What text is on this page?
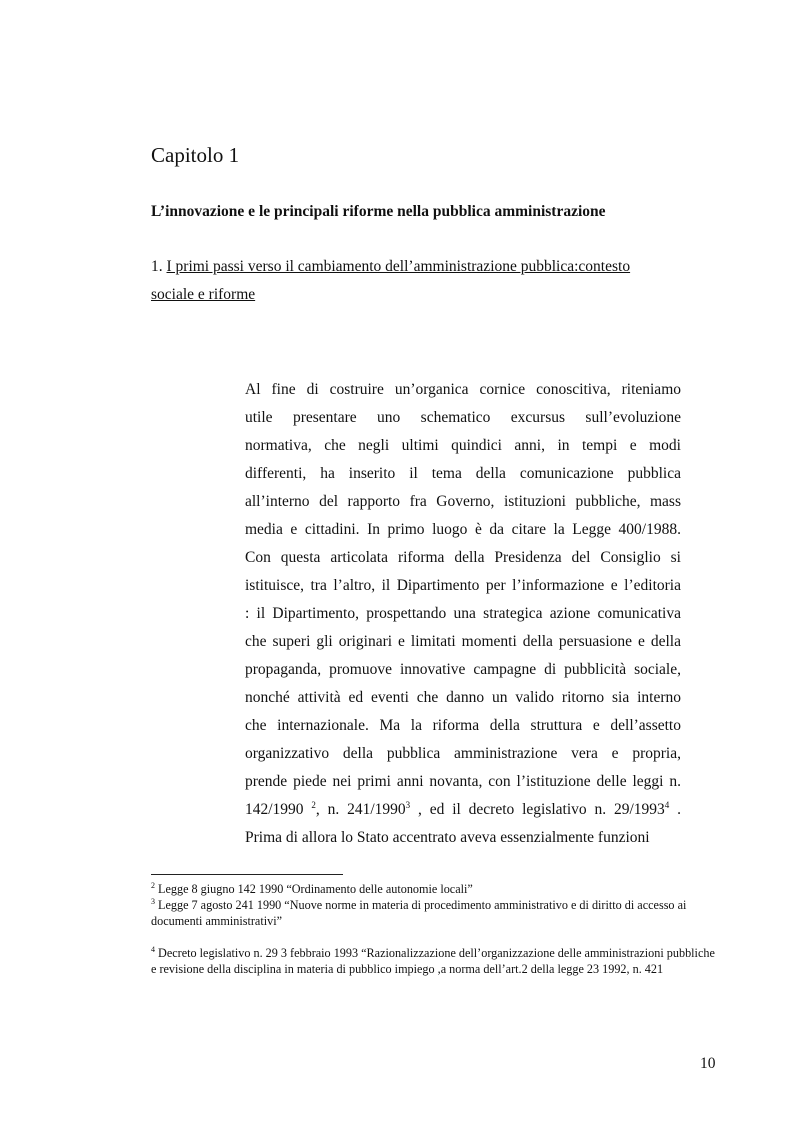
Capitolo 1
L’innovazione e le principali riforme nella pubblica amministrazione
1. I primi passi verso il cambiamento dell’amministrazione pubblica:contesto
sociale e riforme
Al fine di costruire un’organica cornice conoscitiva, riteniamo
utile presentare uno schematico excursus sull’evoluzione
normativa, che negli ultimi quindici anni, in tempi e modi
differenti, ha inserito il tema della comunicazione pubblica
all’interno del rapporto fra Governo, istituzioni pubbliche, mass
media e cittadini. In primo luogo è da citare la Legge 400/1988.
Con questa articolata riforma della Presidenza del Consiglio si
istituisce, tra l’altro, il Dipartimento per l’informazione e l’editoria
: il Dipartimento, prospettando una strategica azione comunicativa
che superi gli originari e limitati momenti della persuasione e della
propaganda, promuove innovative campagne di pubblicità sociale,
nonché attività ed eventi che danno un valido ritorno sia interno
che internazionale. Ma la riforma della struttura e dell’assetto
organizzativo della pubblica amministrazione vera e propria,
prende piede nei primi anni novanta, con l’istituzione delle leggi n.
142/1990 $^2$, n. 241/1990$^3$ , ed il decreto legislativo n. 29/1993$^4$ .
Prima di allora lo Stato accentrato aveva essenzialmente funzioni

$^2$ Legge 8 giugno 142 1990 “Ordinamento delle autonomie locali”

$^3$ Legge 7 agosto 241 1990 “Nuove norme in materia di procedimento amministrativo e di diritto di accesso ai documenti amministrativi”

$^4$ Decreto legislativo n. 29 3 febbraio 1993 “Razionalizzazione dell’organizzazione delle amministrazioni pubbliche e revisione della disciplina in materia di pubblico impiego ,a norma dell’art.2 della legge 23 1992, n. 421

10
